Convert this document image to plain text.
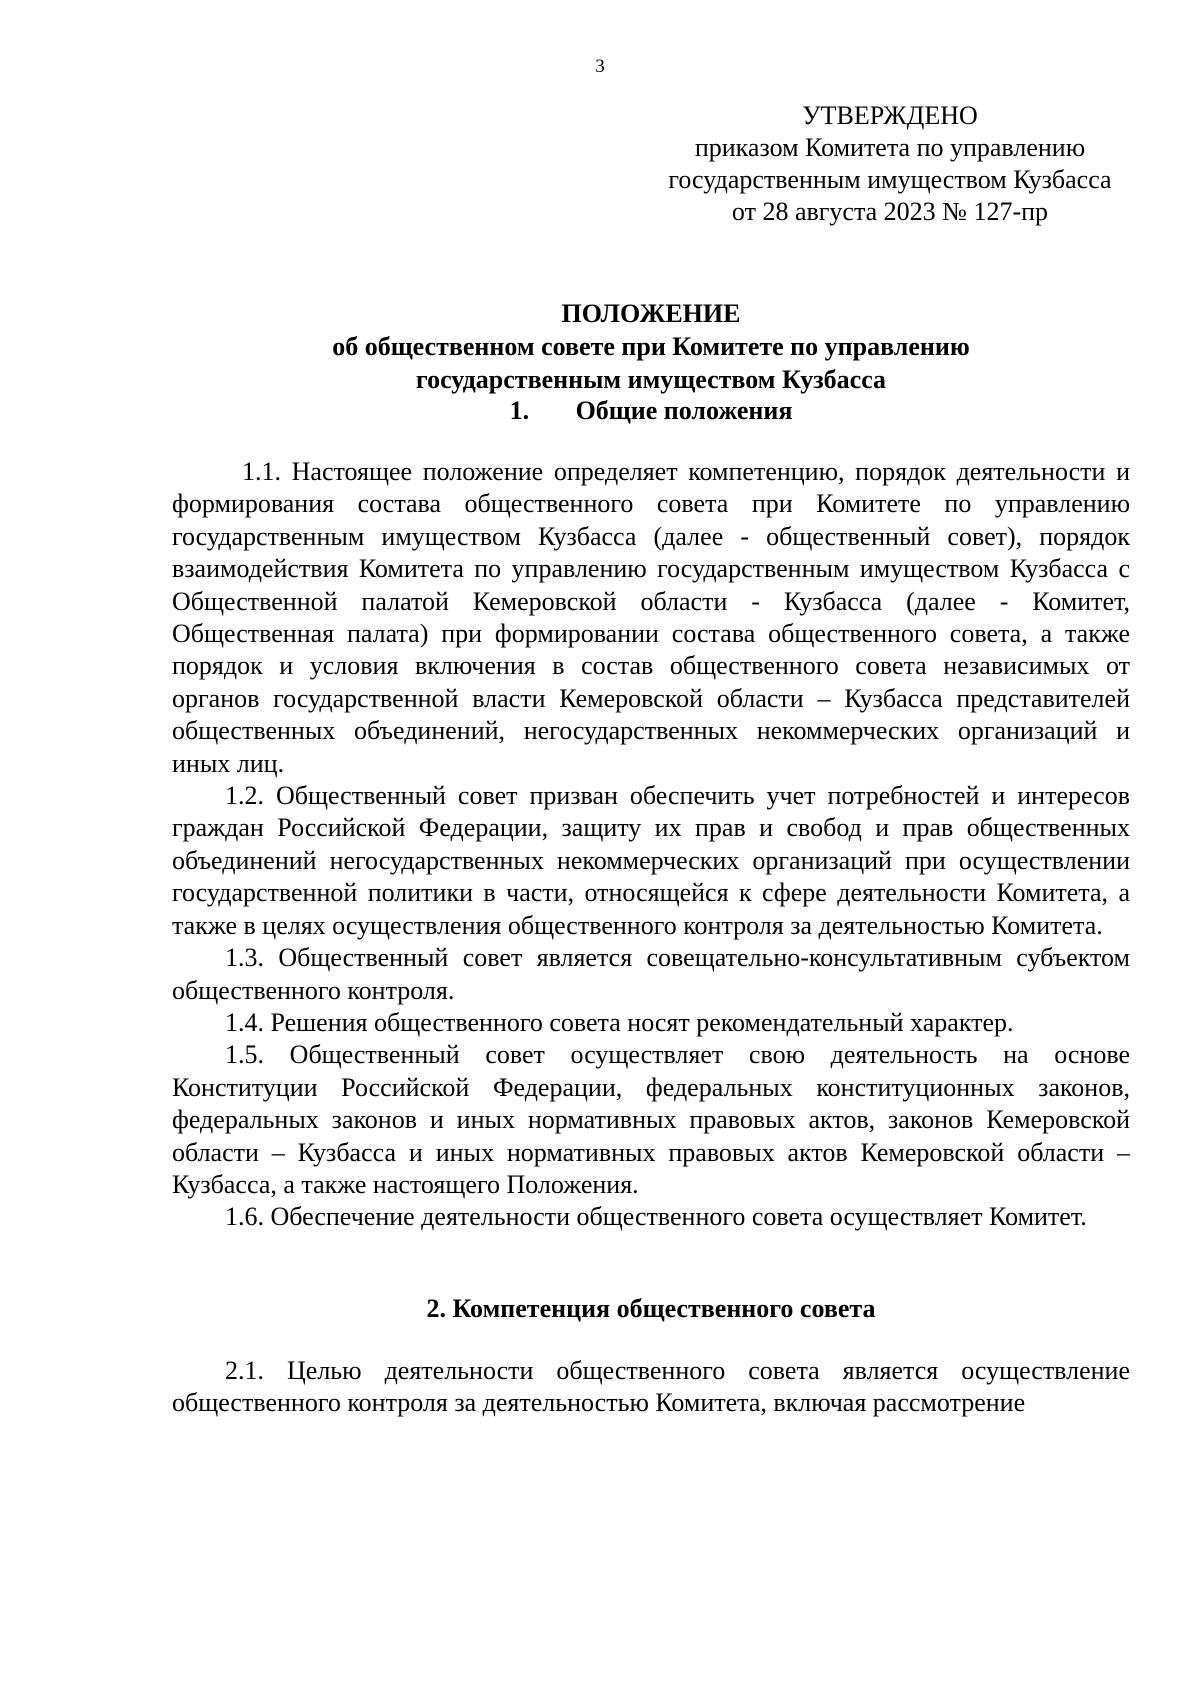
3
УТВЕРЖДЕНО
приказом Комитета по управлению
государственным имуществом Кузбасса
от 28 августа 2023 № 127-пр
ПОЛОЖЕНИЕ
об общественном совете при Комитете по управлению
государственным имуществом Кузбасса
1. Общие положения

1.1. Настоящее положение определяет компетенцию, порядок деятельности и формирования состава общественного совета при Комитете по управлению государственным имуществом Кузбасса (далее - общественный совет), порядок взаимодействия Комитета по управлению государственным имуществом Кузбасса с Общественной палатой Кемеровской области - Кузбасса (далее - Комитет, Общественная палата) при формировании состава общественного совета, а также порядок и условия включения в состав общественного совета независимых от органов государственной власти Кемеровской области – Кузбасса представителей общественных объединений, негосударственных некоммерческих организаций и иных лиц.

1.2. Общественный совет призван обеспечить учет потребностей и интересов граждан Российской Федерации, защиту их прав и свобод и прав общественных объединений негосударственных некоммерческих организаций при осуществлении государственной политики в части, относящейся к сфере деятельности Комитета, а также в целях осуществления общественного контроля за деятельностью Комитета.

1.3. Общественный совет является совещательно-консультативным субъектом общественного контроля.

1.4. Решения общественного совета носят рекомендательный характер.

1.5. Общественный совет осуществляет свою деятельность на основе Конституции Российской Федерации, федеральных конституционных законов, федеральных законов и иных нормативных правовых актов, законов Кемеровской области – Кузбасса и иных нормативных правовых актов Кемеровской области – Кузбасса, а также настоящего Положения.

1.6. Обеспечение деятельности общественного совета осуществляет Комитет.

2. Компетенция общественного совета

2.1. Целью деятельности общественного совета является осуществление общественного контроля за деятельностью Комитета, включая рассмотрение
